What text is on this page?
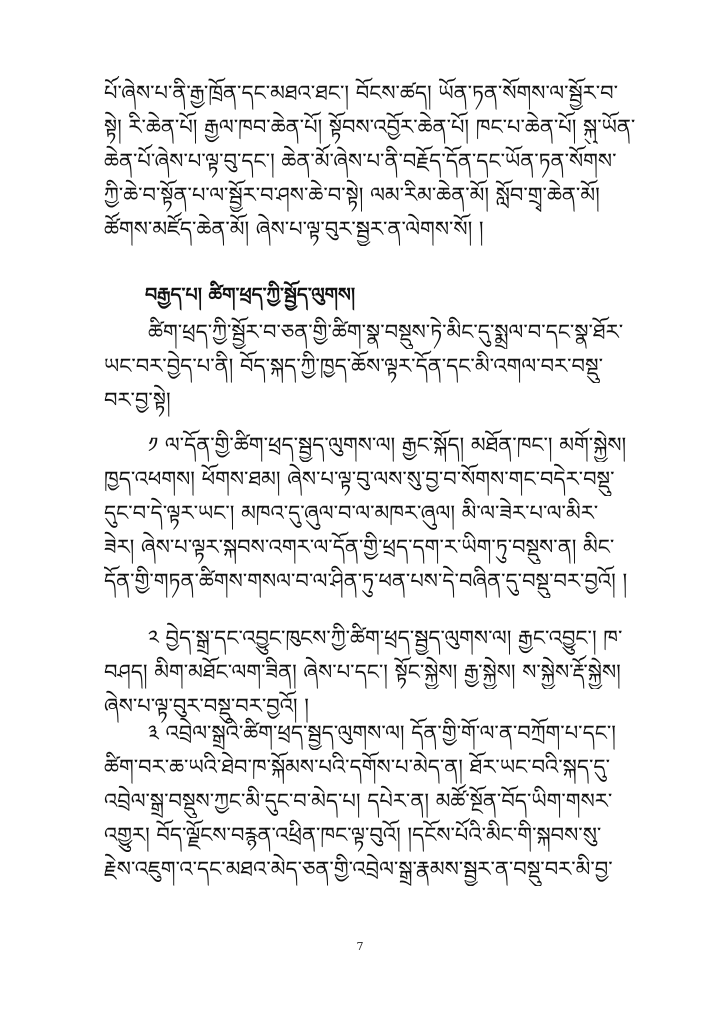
པོ་ཞེས་པ་ནི་རྒྱ་ཁྲོན་དང་མཐའ་ཐང་། བོངས་ཚད། ཡོན་ཏན་སོགས་ལ་སྦྱོར་བ་
སྟེ། རི་ཆེན་པོ། རྒྱལ་ཁབ་ཆེན་པོ། སྟོབས་འབྱོར་ཆེན་པོ། ཁང་པ་ཆེན་པོ། སྐུ་ཡོན་
ཆེན་པོ་ཞེས་པ་ལྟ་བུ་དང་། ཆེན་མོ་ཞེས་པ་ནི་བརྗོད་དོན་དང་ཡོན་ཏན་སོགས་
ཀྱི་ཆེ་བ་སྟོན་པ་ལ་སྦྱོར་བ་ཤས་ཆེ་བ་སྟེ། ལམ་རིམ་ཆེན་མོ། སློབ་གྲྭ་ཆེན་མོ།
ཚོགས་མཛོད་ཆེན་མོ། ཞེས་པ་ལྟ་བུར་སྦྱར་ན་ལེགས་སོ། །
བརྒྱད་པ། ཚིག་ཕྲད་ཀྱི་སྦྱོད་ལུགས།
ཚིག་ཕྲད་ཀྱི་སྦྱོར་བ་ཅན་གྱི་ཚིག་སྣ་བསྡུས་ཏེ་མིང་དུ་སྨྲལ་བ་དང་སྣ་ཐོར་
ཡང་བར་བྱེད་པ་ནི། བོད་སྐད་ཀྱི་ཁྱད་ཆོས་ལྟར་དོན་དང་མི་འགལ་བར་བསྡུ་
བར་བྱ་སྟེ།
༡ ལ་དོན་གྱི་ཚིག་ཕྲད་སྦྱད་ལུགས་ལ། རྒྱང་སྐོད། མཐོན་ཁང་། མགོ་སྐྱེས།
ཁྱད་འཕགས། ཕོགས་ཐམ། ཞེས་པ་ལྟ་བུ་ལས་སུ་བྱ་བ་སོགས་གང་བདེར་བསྡུ་
དུང་བ་དེ་ལྟར་ཡང་། མཁའ་དུ་ཞུལ་བ་ལ་མཁར་ཞུལ། མི་ལ་ཟེར་པ་ལ་མིར་
ཟེར། ཞེས་པ་ལྟར་སྐབས་འགར་ལ་དོན་གྱི་ཕྲད་དག་ར་ཡིག་ཏུ་བསྡུས་ན། མིང་
དོན་གྱི་གཏན་ཚིགས་གསལ་བ་ལ་ཤིན་ཏུ་ཕན་པས་དེ་བཞིན་དུ་བསྡུ་བར་བྱའོ། །
༢ བྱེད་སྒྲ་དང་འབྱུང་ཁུངས་ཀྱི་ཚིག་ཕྲད་སྦྱད་ལུགས་ལ། རྒྱང་འབྱུང་། ཁ་
བཤད། མིག་མཐོང་ལག་ཟིན། ཞེས་པ་དང་། སྟོང་སྐྱེས། རྒྱ་སྐྱེས། ས་སྐྱེས་རྡོ་སྐྱེས།
ཞེས་པ་ལྟ་བུར་བསྡུ་བར་བྱའོ། །
༣ འབྲེལ་སྒྲའི་ཚིག་ཕྲད་སྦྱད་ལུགས་ལ། དོན་གྱི་གོ་ལ་ན་བཀྲོག་པ་དང་།
ཚིག་བར་ཆ་ཡའི་ཐེབ་ཁ་སྐོམས་པའི་དགོས་པ་མེད་ན། ཐོར་ཡང་བའི་སྐད་དུ་
འབྲེལ་སྒྲ་བསྡུས་ཀྱང་མི་དུང་བ་མེད་པ། དཔེར་ན། མཚོ་སྔོན་བོད་ཡིག་གསར་
འགྱུར། བོད་ལྗོངས་བརྙན་འཕྲིན་ཁང་ལྟ་བུའོ། །དངོས་པོའི་མིང་གི་སྐབས་སུ་
རྗེས་འཇུག་འ་དང་མཐའ་མེད་ཅན་གྱི་འབྲེལ་སྒྲ་རྣམས་སྦྱར་ན་བསྡུ་བར་མི་བྱ་
7
